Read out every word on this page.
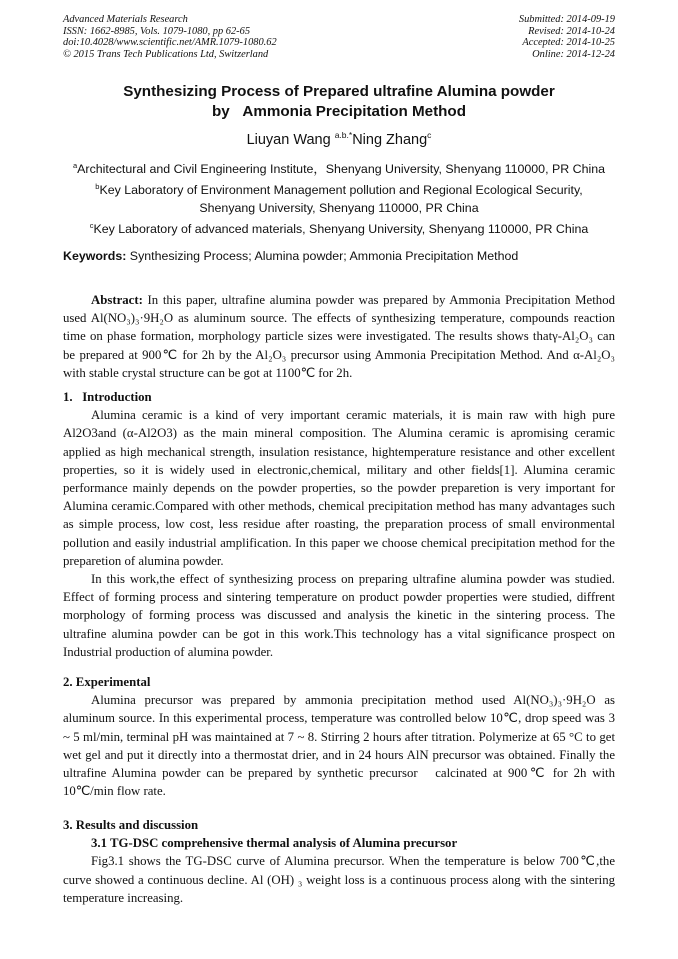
Advanced Materials Research
ISSN: 1662-8985, Vols. 1079-1080, pp 62-65
doi:10.4028/www.scientific.net/AMR.1079-1080.62
© 2015 Trans Tech Publications Ltd, Switzerland
Submitted: 2014-09-19
Revised: 2014-10-24
Accepted: 2014-10-25
Online: 2014-12-24
Synthesizing Process of Prepared ultrafine Alumina powder
by   Ammonia Precipitation Method
Liuyan Wang $^{a.b.*}$Ning Zhang$^c$
$^a$Architectural and Civil Engineering Institute，Shenyang University, Shenyang 110000, PR China
$^b$Key Laboratory of Environment Management pollution and Regional Ecological Security,
Shenyang University, Shenyang 110000, PR China
$^c$Key Laboratory of advanced materials, Shenyang University, Shenyang 110000, PR China
Keywords: Synthesizing Process; Alumina powder; Ammonia Precipitation Method

Abstract: In this paper, ultrafine alumina powder was prepared by Ammonia Precipitation Method used Al(NO₃)₃·9H₂O as aluminum source. The effects of synthesizing temperature, compounds reaction time on phase formation, morphology particle sizes were investigated. The results shows thatγ-Al₂O₃ can be prepared at 900℃ for 2h by the Al₂O₃ precursor using Ammonia Precipitation Method. And α-Al₂O₃ with stable crystal structure can be got at 1100℃ for 2h.

1.   Introduction

Alumina ceramic is a kind of very important ceramic materials, it is main raw with high pure Al2O3and (α-Al2O3) as the main mineral composition. The Alumina ceramic is apromising ceramic applied as high mechanical strength, insulation resistance, hightemperature resistance and other excellent properties, so it is widely used in electronic,chemical, military and other fields[1]. Alumina ceramic performance mainly depends on the powder properties, so the powder preparetion is very important for Alumina ceramic.Compared with other methods, chemical precipitation method has many advantages such as simple process, low cost, less residue after roasting, the preparation process of small environmental pollution and easily industrial amplification. In this paper we choose chemical precipitation method for the preparetion of alumina powder.

In this work,the effect of synthesizing process on preparing ultrafine alumina powder was studied. Effect of forming process and sintering temperature on product powder properties were studied, diffrent morphology of forming process was discussed and analysis the kinetic in the sintering process. The ultrafine alumina powder can be got in this work.This technology has a vital significance prospect on Industrial production of alumina powder.

2. Experimental

Alumina precursor was prepared by ammonia precipitation method used Al(NO₃)₃·9H₂O as aluminum source. In this experimental process, temperature was controlled below 10℃, drop speed was 3 ~ 5 ml/min, terminal pH was maintained at 7 ~ 8. Stirring 2 hours after titration. Polymerize at 65 °C to get wet gel and put it directly into a thermostat drier, and in 24 hours AlN precursor was obtained. Finally the ultrafine Alumina powder can be prepared by synthetic precursor   calcinated at 900℃ for 2h with 10℃/min flow rate.

3. Results and discussion
3.1 TG-DSC comprehensive thermal analysis of Alumina precursor

Fig3.1 shows the TG-DSC curve of Alumina precursor. When the temperature is below 700℃,the curve showed a continuous decline. Al (OH) ₃ weight loss is a continuous process along with the sintering temperature increasing.
